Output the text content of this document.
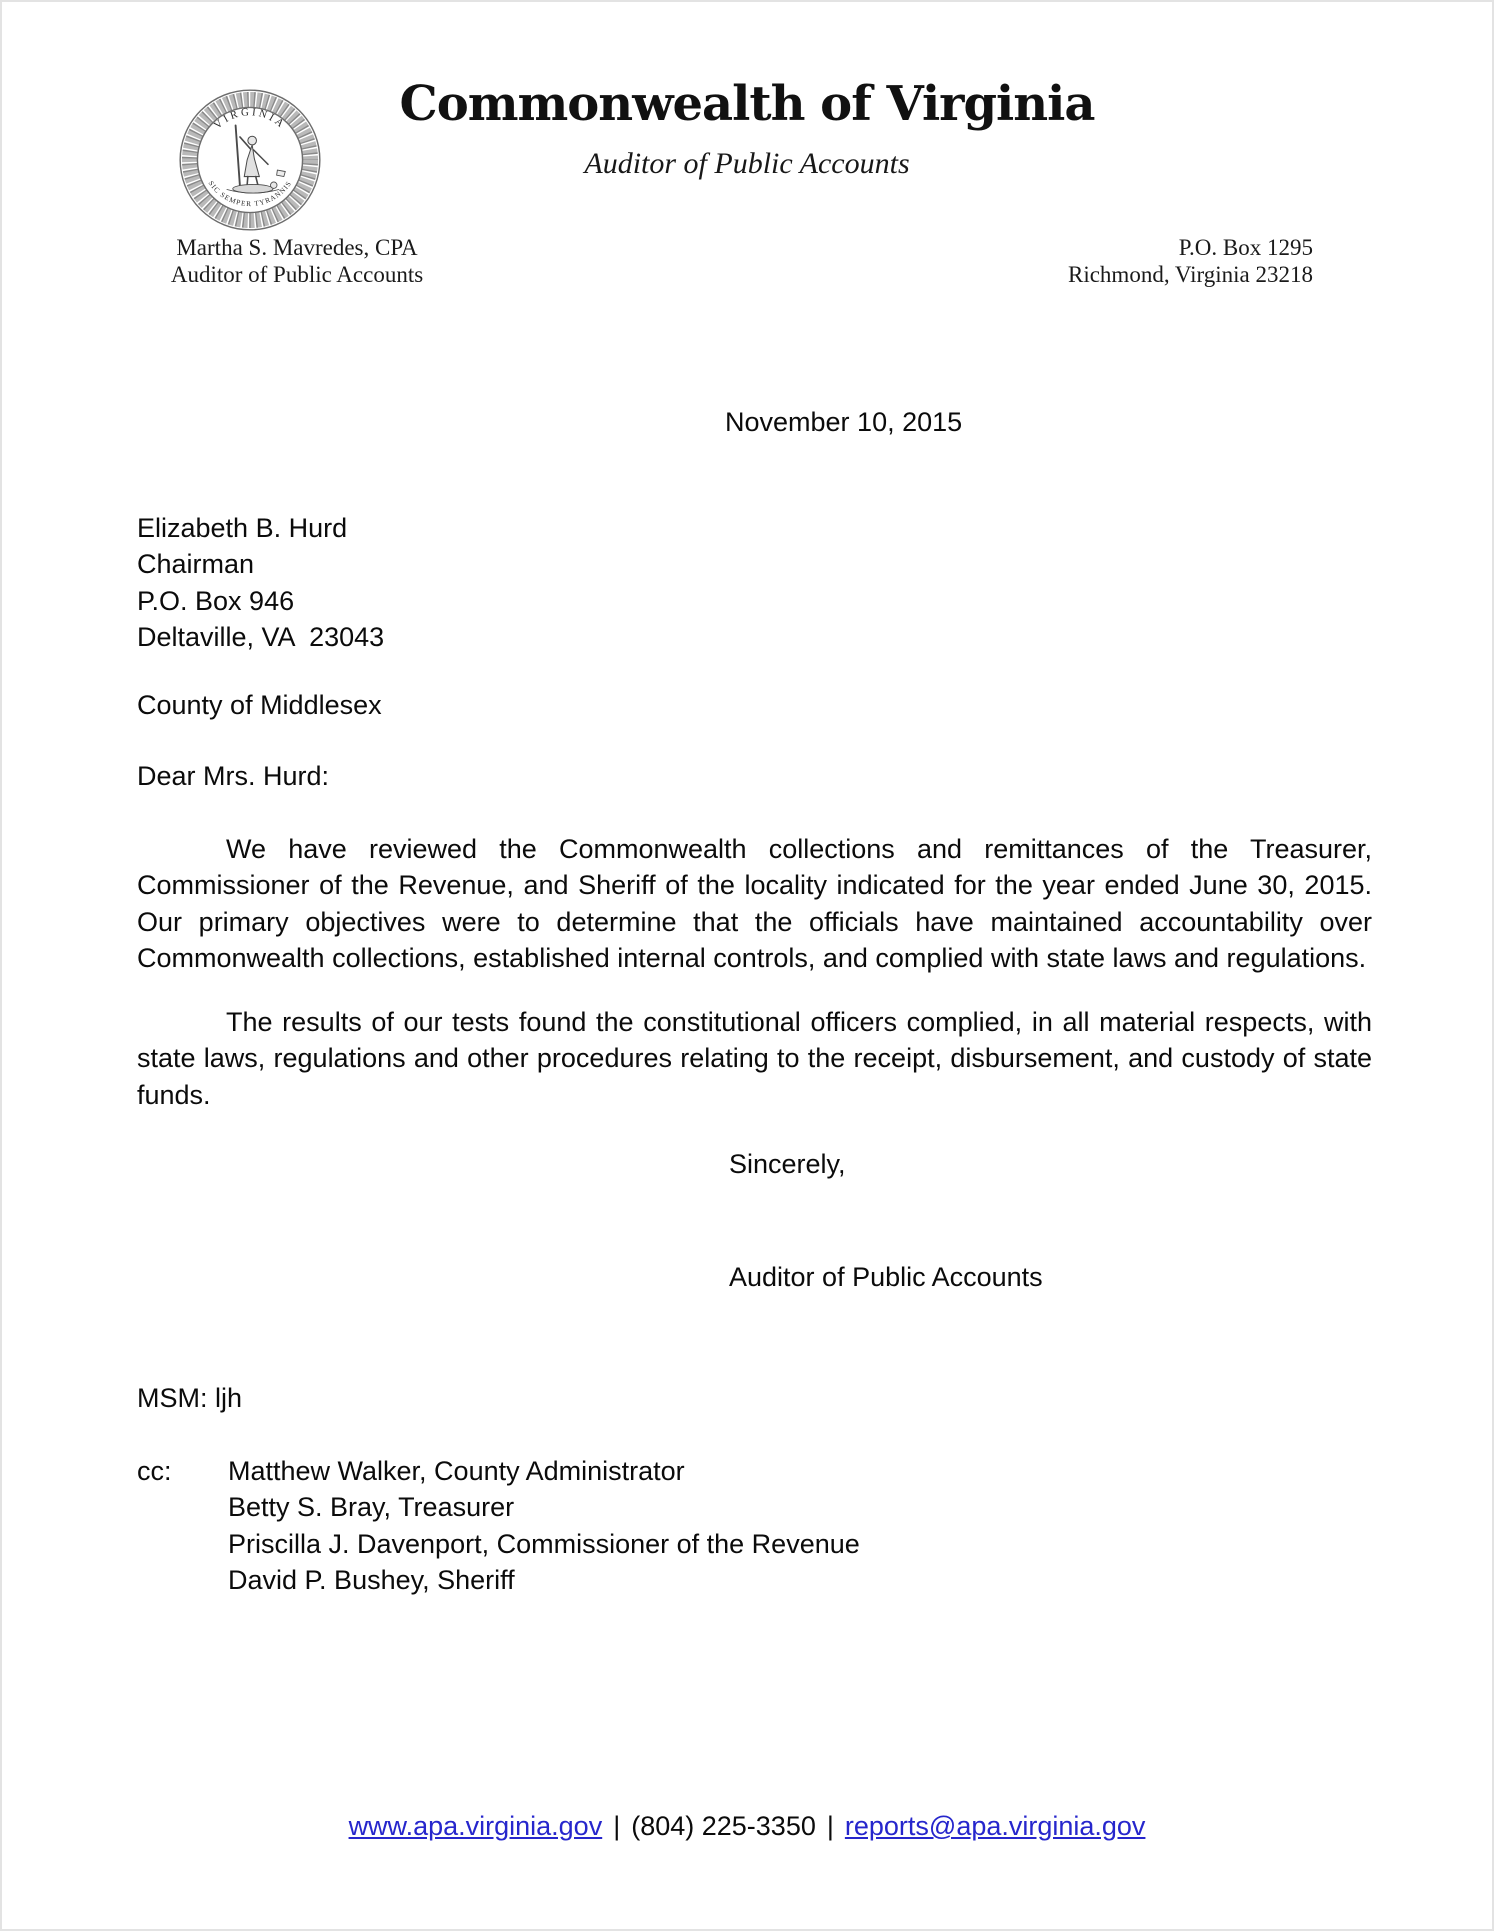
VIRGINIA
SIC SEMPER TYRANNIS
Commonwealth of Virginia
Auditor of Public Accounts
Martha S. Mavredes, CPA
Auditor of Public Accounts
P.O. Box 1295
Richmond, Virginia 23218
November 10, 2015
Elizabeth B. Hurd
Chairman
P.O. Box 946
Deltaville, VA  23043
County of Middlesex
Dear Mrs. Hurd:
We have reviewed the Commonwealth collections and remittances of the Treasurer,
Commissioner of the Revenue, and Sheriff of the locality indicated for the year ended June 30, 2015.
Our primary objectives were to determine that the officials have maintained accountability over
Commonwealth collections, established internal controls, and complied with state laws and regulations.
The results of our tests found the constitutional officers complied, in all material respects, with
state laws, regulations and other procedures relating to the receipt, disbursement, and custody of state
funds.
Sincerely,
Auditor of Public Accounts
MSM: ljh
cc:	Matthew Walker, County Administrator
Betty S. Bray, Treasurer
Priscilla J. Davenport, Commissioner of the Revenue
David P. Bushey, Sheriff
www.apa.virginia.gov | (804) 225-3350 | reports@apa.virginia.gov
